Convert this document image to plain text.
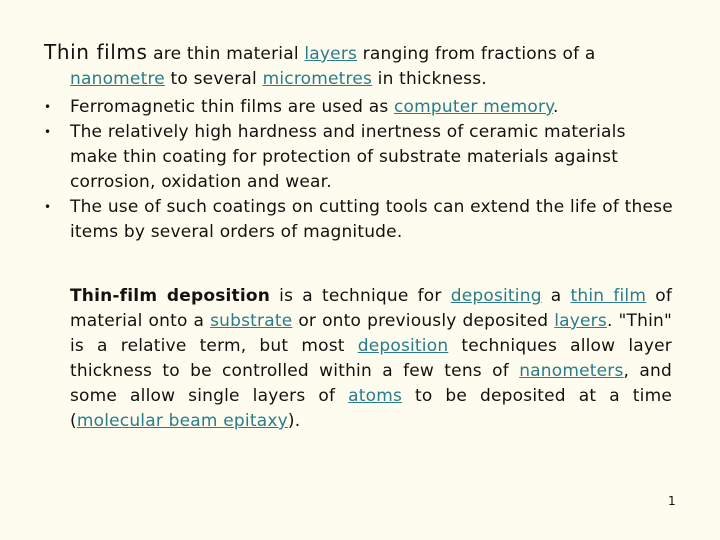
Thin films are thin material layers ranging from fractions of a
nanometre to several micrometres in thickness.
• Ferromagnetic thin films are used as computer memory.
• The relatively high hardness and inertness of ceramic materials make thin coating for protection of substrate materials against corrosion, oxidation and wear.
• The use of such coatings on cutting tools can extend the life of these items by several orders of magnitude.
Thin-film deposition is a technique for depositing a thin film of material onto a substrate or onto previously deposited layers. "Thin" is a relative term, but most deposition techniques allow layer thickness to be controlled within a few tens of nanometers, and some allow single layers of atoms to be deposited at a time (molecular beam epitaxy).
1
